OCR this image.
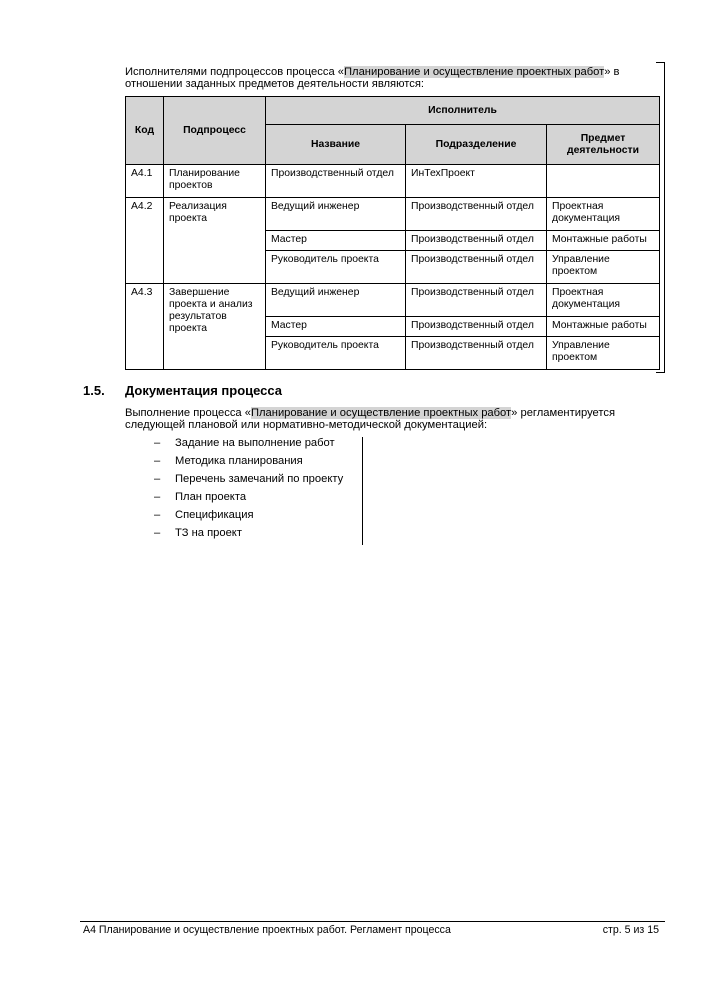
Исполнителями подпроцессов процесса «Планирование и осуществление проектных работ» в
отношении заданных предметов деятельности являются:
Код	Подпроцесс	Исполнитель		
		Название	Подразделение	Предмет деятельности
А4.1	Планирование проектов	Производственный отдел	ИнТехПроект	
А4.2	Реализация проекта	Ведущий инженер	Производственный отдел	Проектная документация
		Мастер	Производственный отдел	Монтажные работы
		Руководитель проекта	Производственный отдел	Управление проектом
А4.3	Завершение проекта и анализ результатов проекта	Ведущий инженер	Производственный отдел	Проектная документация
		Мастер	Производственный отдел	Монтажные работы
		Руководитель проекта	Производственный отдел	Управление проектом
1.5. Документация процесса
Выполнение процесса «Планирование и осуществление проектных работ» регламентируется
следующей плановой или нормативно-методической документацией:
– Задание на выполнение работ
– Методика планирования
– Перечень замечаний по проекту
– План проекта
– Спецификация
– ТЗ на проект
А4 Планирование и осуществление проектных работ. Регламент процесса	стр. 5 из 15
